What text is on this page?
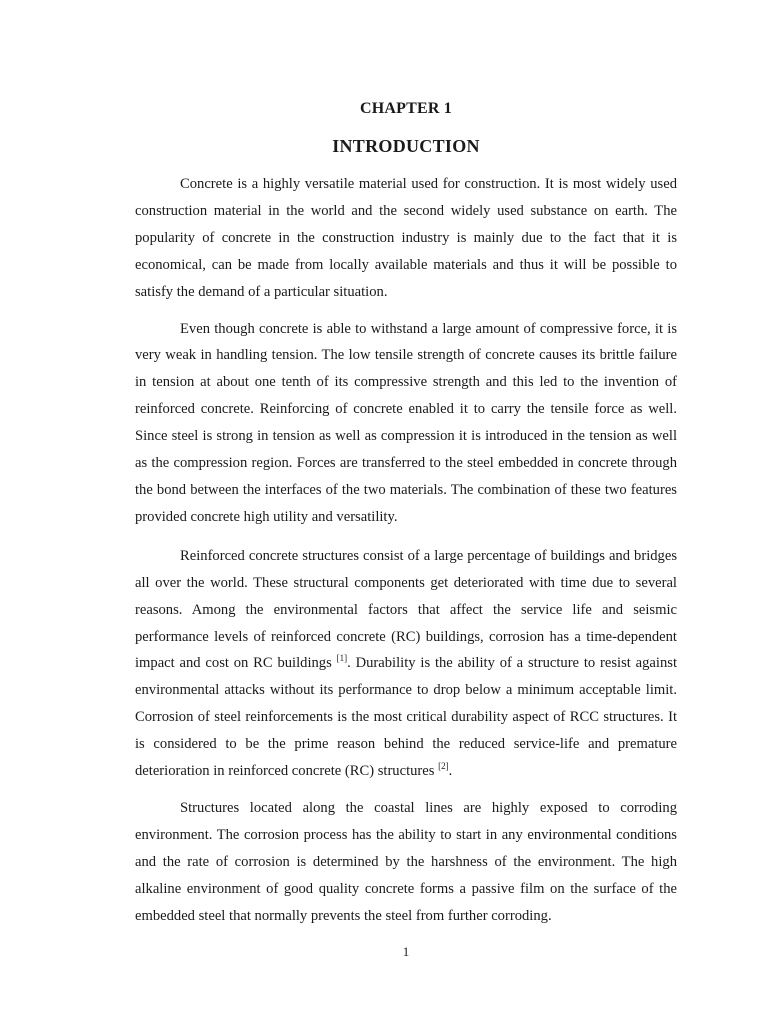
CHAPTER 1
INTRODUCTION

Concrete is a highly versatile material used for construction. It is most widely used construction material in the world and the second widely used substance on earth. The popularity of concrete in the construction industry is mainly due to the fact that it is economical, can be made from locally available materials and thus it will be possible to satisfy the demand of a particular situation.

Even though concrete is able to withstand a large amount of compressive force, it is very weak in handling tension. The low tensile strength of concrete causes its brittle failure in tension at about one tenth of its compressive strength and this led to the invention of reinforced concrete. Reinforcing of concrete enabled it to carry the tensile force as well. Since steel is strong in tension as well as compression it is introduced in the tension as well as the compression region. Forces are transferred to the steel embedded in concrete through the bond between the interfaces of the two materials. The combination of these two features provided concrete high utility and versatility.

Reinforced concrete structures consist of a large percentage of buildings and bridges all over the world. These structural components get deteriorated with time due to several reasons. Among the environmental factors that affect the service life and seismic performance levels of reinforced concrete (RC) buildings, corrosion has a time-dependent impact and cost on RC buildings [1]. Durability is the ability of a structure to resist against environmental attacks without its performance to drop below a minimum acceptable limit. Corrosion of steel reinforcements is the most critical durability aspect of RCC structures. It is considered to be the prime reason behind the reduced service-life and premature deterioration in reinforced concrete (RC) structures [2].

Structures located along the coastal lines are highly exposed to corroding environment. The corrosion process has the ability to start in any environmental conditions and the rate of corrosion is determined by the harshness of the environment. The high alkaline environment of good quality concrete forms a passive film on the surface of the embedded steel that normally prevents the steel from further corroding.

1
